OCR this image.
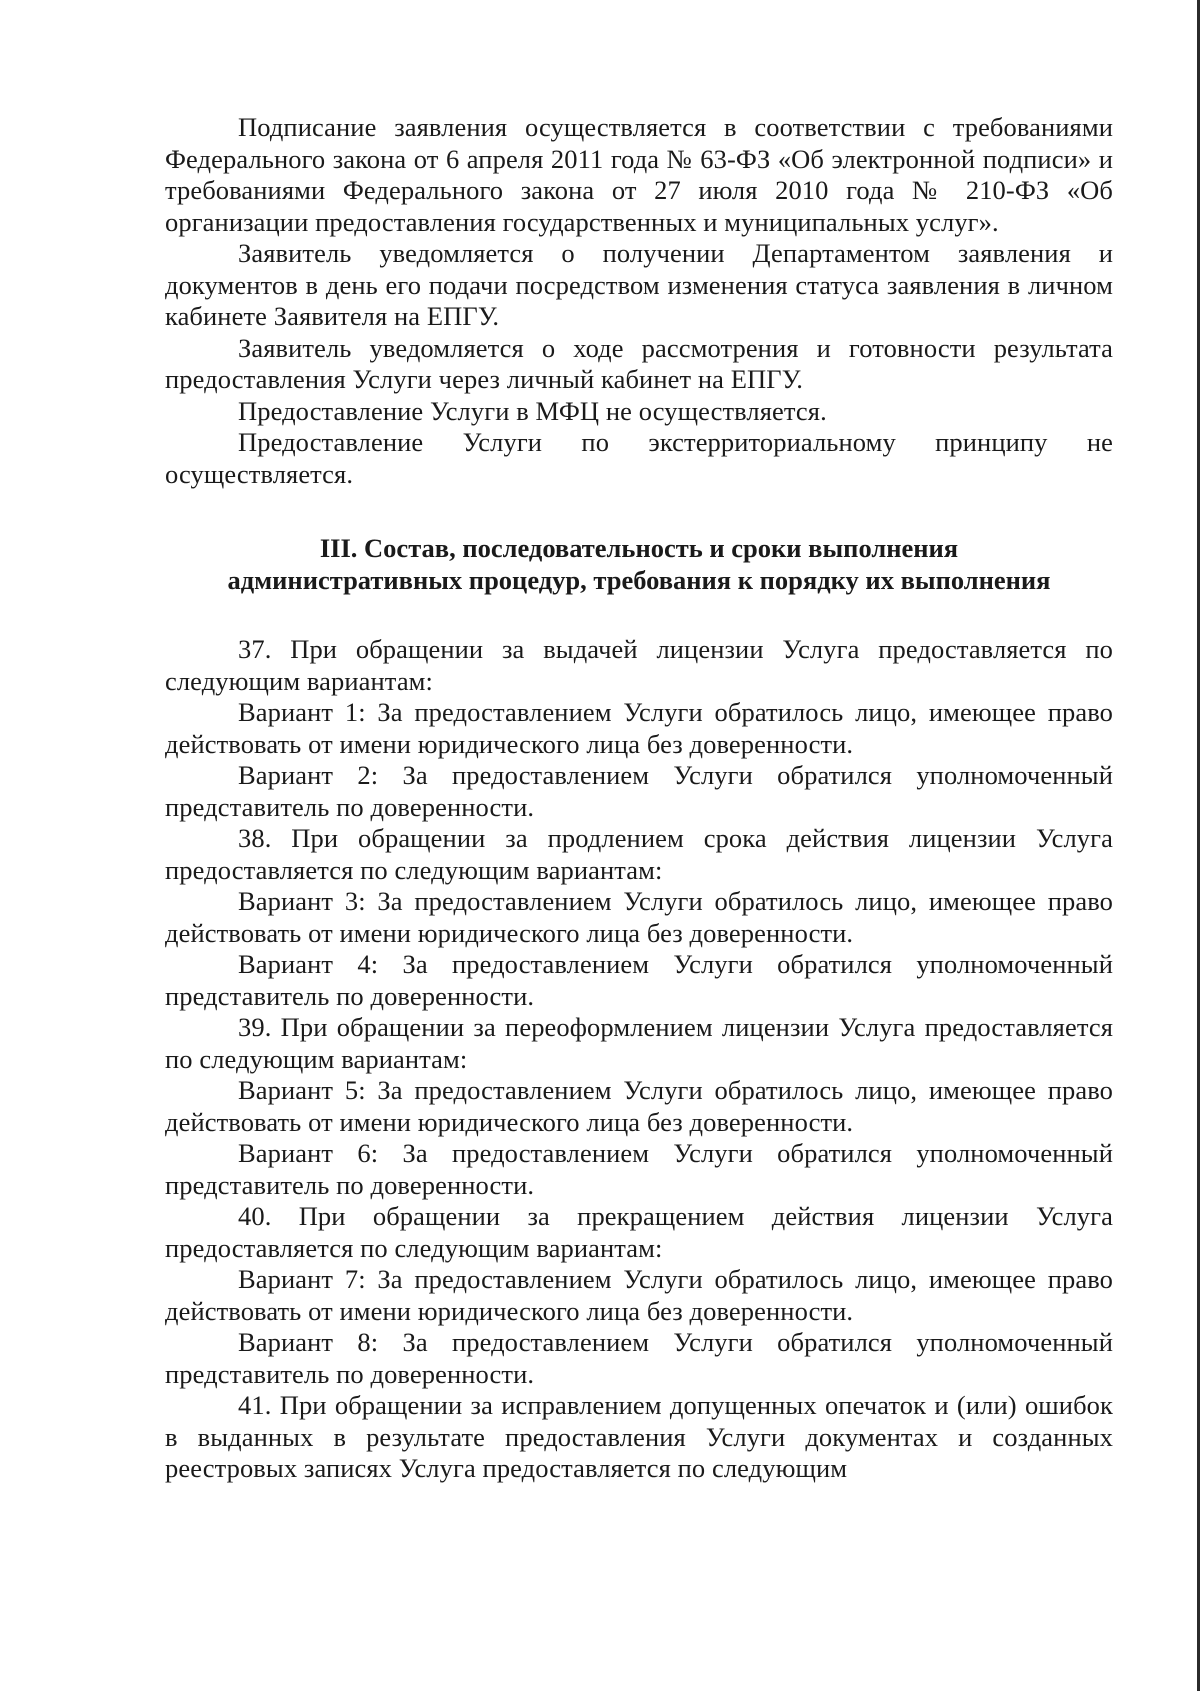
Подписание заявления осуществляется в соответствии с требованиями Федерального закона от 6 апреля 2011 года № 63-ФЗ «Об электронной подписи» и требованиями Федерального закона от 27 июля 2010 года № 210-ФЗ «Об организации предоставления государственных и муниципальных услуг».

Заявитель уведомляется о получении Департаментом заявления и документов в день его подачи посредством изменения статуса заявления в личном кабинете Заявителя на ЕПГУ.

Заявитель уведомляется о ходе рассмотрения и готовности результата предоставления Услуги через личный кабинет на ЕПГУ.

Предоставление Услуги в МФЦ не осуществляется.

Предоставление Услуги по экстерриториальному принципу не осуществляется.

III. Состав, последовательность и сроки выполнения административных процедур, требования к порядку их выполнения

37. При обращении за выдачей лицензии Услуга предоставляется по следующим вариантам:

Вариант 1: За предоставлением Услуги обратилось лицо, имеющее право действовать от имени юридического лица без доверенности.

Вариант 2: За предоставлением Услуги обратился уполномоченный представитель по доверенности.

38. При обращении за продлением срока действия лицензии Услуга предоставляется по следующим вариантам:

Вариант 3: За предоставлением Услуги обратилось лицо, имеющее право действовать от имени юридического лица без доверенности.

Вариант 4: За предоставлением Услуги обратился уполномоченный представитель по доверенности.

39. При обращении за переоформлением лицензии Услуга предоставляется по следующим вариантам:

Вариант 5: За предоставлением Услуги обратилось лицо, имеющее право действовать от имени юридического лица без доверенности.

Вариант 6: За предоставлением Услуги обратился уполномоченный представитель по доверенности.

40. При обращении за прекращением действия лицензии Услуга предоставляется по следующим вариантам:

Вариант 7: За предоставлением Услуги обратилось лицо, имеющее право действовать от имени юридического лица без доверенности.

Вариант 8: За предоставлением Услуги обратился уполномоченный представитель по доверенности.

41. При обращении за исправлением допущенных опечаток и (или) ошибок в выданных в результате предоставления Услуги документах и созданных реестровых записях Услуга предоставляется по следующим
